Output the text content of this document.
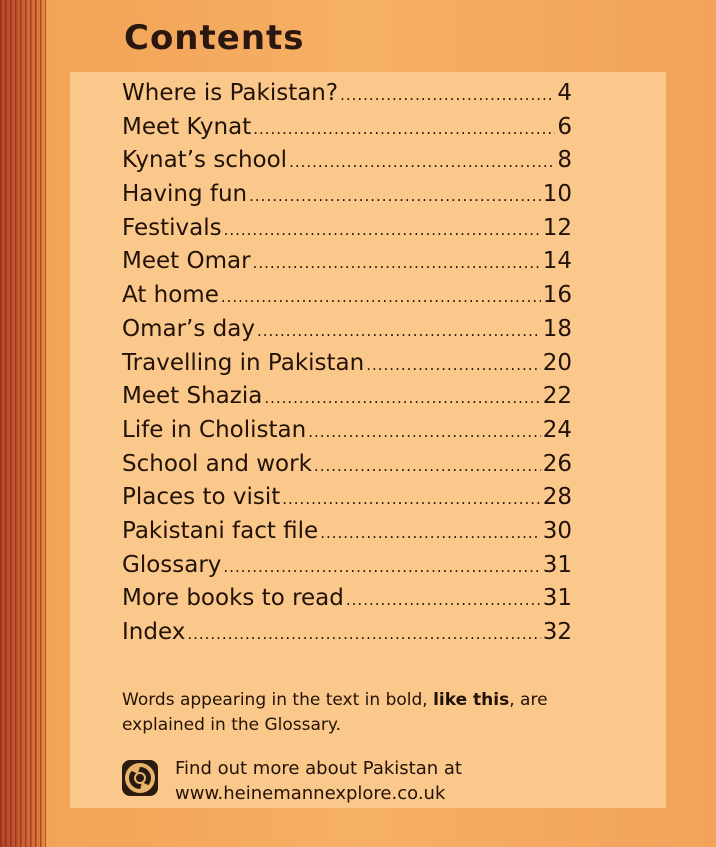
Contents
Where is Pakistan? .....	4
Meet Kynat .....	6
Kynat’s school .....	8
Having fun .....	10
Festivals .....	12
Meet Omar .....	14
At home .....	16
Omar’s day .....	18
Travelling in Pakistan .....	20
Meet Shazia .....	22
Life in Cholistan .....	24
School and work .....	26
Places to visit .....	28
Pakistani fact file .....	30
Glossary .....	31
More books to read .....	31
Index .....	32
Words appearing in the text in bold, like this, are explained in the Glossary.
Find out more about Pakistan at
www.heinemannexplore.co.uk
